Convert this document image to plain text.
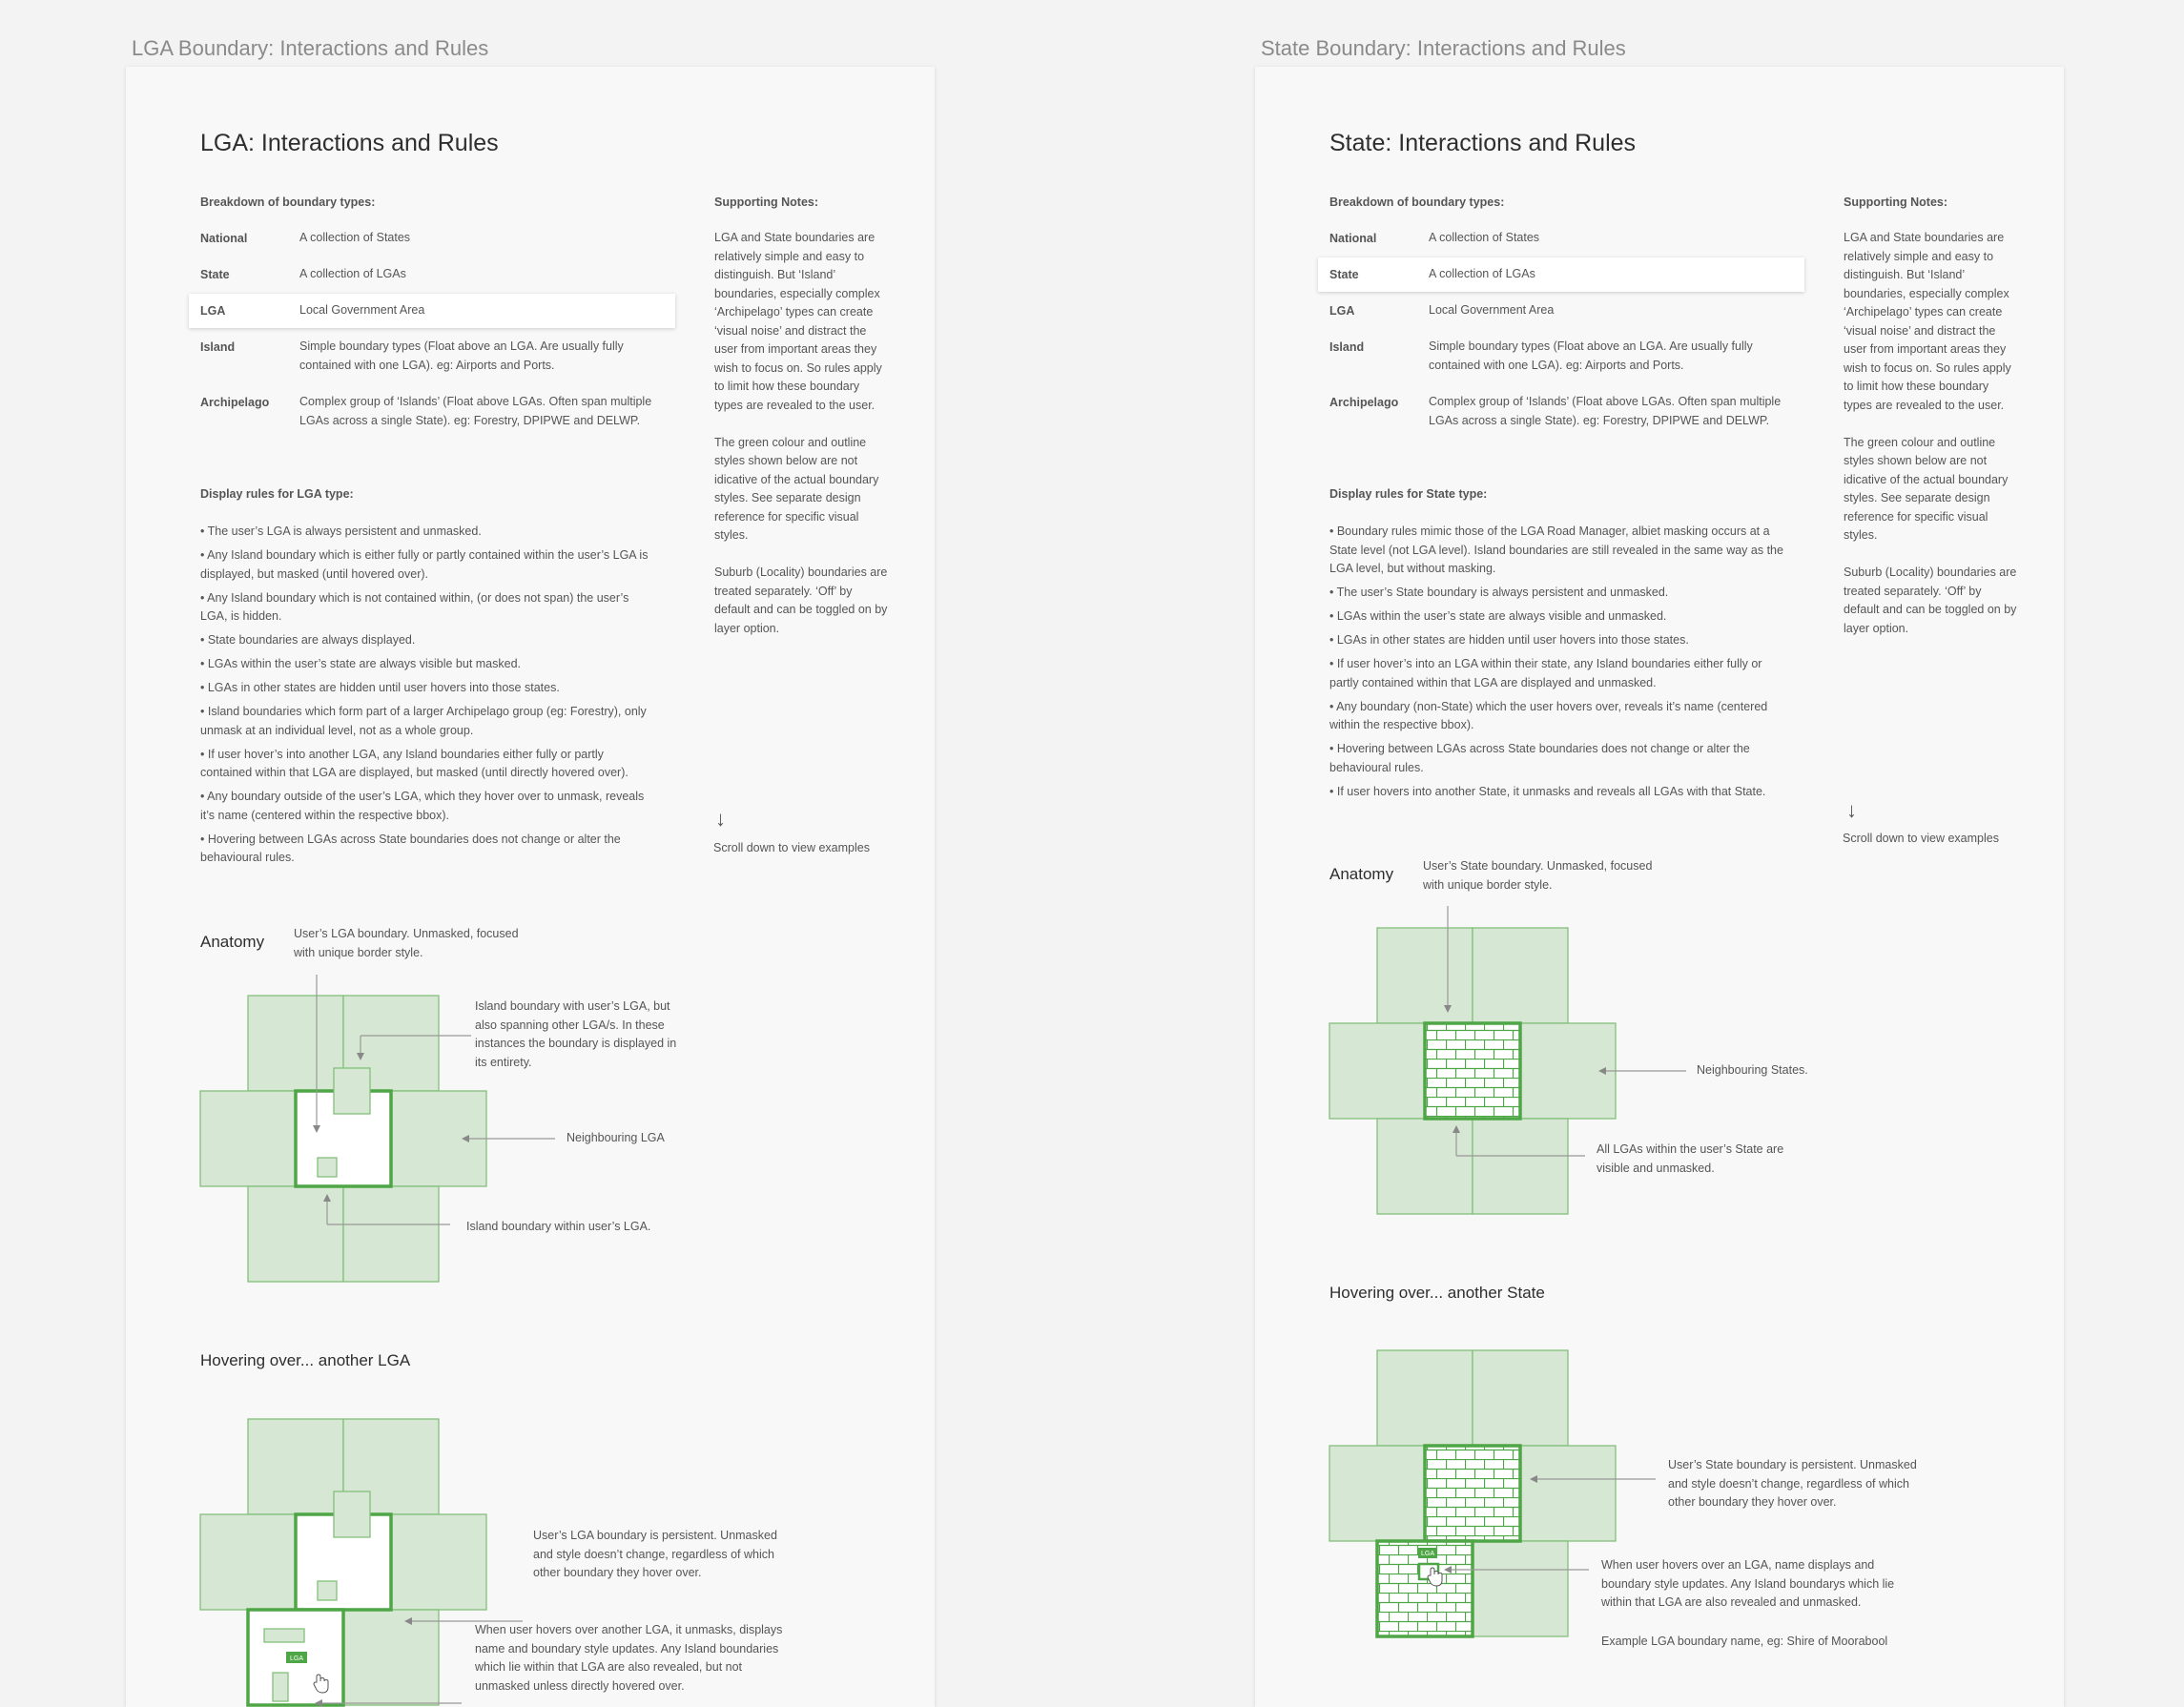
LGA Boundary: Interactions and Rules	State Boundary: Interactions and Rules
LGA: Interactions and Rules
Breakdown of boundary types:
National	A collection of States
State	A collection of LGAs
LGA	Local Government Area
Island	Simple boundary types (Float above an LGA. Are usually fully contained with one LGA). eg: Airports and Ports.
Archipelago	Complex group of ‘Islands’ (Float above LGAs. Often span multiple LGAs across a single State). eg: Forestry, DPIPWE and DELWP.
Display rules for LGA type:
• The user’s LGA is always persistent and unmasked.
• Any Island boundary which is either fully or partly contained within the user’s LGA is displayed, but masked (until hovered over).
• Any Island boundary which is not contained within, (or does not span) the user’s LGA, is hidden.
• State boundaries are always displayed.
• LGAs within the user’s state are always visible but masked.
• LGAs in other states are hidden until user hovers into those states.
• Island boundaries which form part of a larger Archipelago group (eg: Forestry), only unmask at an individual level, not as a whole group.
• If user hover’s into another LGA, any Island boundaries either fully or partly contained within that LGA are displayed, but masked (until directly hovered over).
• Any boundary outside of the user’s LGA, which they hover over to unmask, reveals it’s name (centered within the respective bbox).
• Hovering between LGAs across State boundaries does not change or alter the behavioural rules.
Supporting Notes:

LGA and State boundaries are relatively simple and easy to distinguish. But ‘Island’ boundaries, especially complex ‘Archipelago’ types can create ‘visual noise’ and distract the user from important areas they wish to focus on. So rules apply to limit how these boundary types are revealed to the user.

The green colour and outline styles shown below are not idicative of the actual boundary styles. See separate design reference for specific visual styles.

Suburb (Locality) boundaries are treated separately. ‘Off’ by default and can be toggled on by layer option.

↓
Scroll down to view examples
Anatomy User’s LGA boundary. Unmasked, focused with unique border style.
Island boundary with user’s LGA, but also spanning other LGA/s. In these instances the boundary is displayed in its entirety.
Neighbouring LGA
Island boundary within user’s LGA.
Hovering over... another LGA
User’s LGA boundary is persistent. Unmasked and style doesn’t change, regardless of which other boundary they hover over.
When user hovers over another LGA, it unmasks, displays name and boundary style updates. Any Island boundaries which lie within that LGA are also revealed, but not unmasked unless directly hovered over.
LGA
State: Interactions and Rules
Breakdown of boundary types:
National	A collection of States
State	A collection of LGAs
LGA	Local Government Area
Island	Simple boundary types (Float above an LGA. Are usually fully contained with one LGA). eg: Airports and Ports.
Archipelago	Complex group of ‘Islands’ (Float above LGAs. Often span multiple LGAs across a single State). eg: Forestry, DPIPWE and DELWP.
Display rules for State type:
• Boundary rules mimic those of the LGA Road Manager, albiet masking occurs at a State level (not LGA level). Island boundaries are still revealed in the same way as the LGA level, but without masking.
• The user’s State boundary is always persistent and unmasked.
• LGAs within the user’s state are always visible and unmasked.
• LGAs in other states are hidden until user hovers into those states.
• If user hover’s into an LGA within their state, any Island boundaries either fully or partly contained within that LGA are displayed and unmasked.
• Any boundary (non-State) which the user hovers over, reveals it’s name (centered within the respective bbox).
• Hovering between LGAs across State boundaries does not change or alter the behavioural rules.
• If user hovers into another State, it unmasks and reveals all LGAs with that State.
Supporting Notes:

LGA and State boundaries are relatively simple and easy to distinguish. But ‘Island’ boundaries, especially complex ‘Archipelago’ types can create ‘visual noise’ and distract the user from important areas they wish to focus on. So rules apply to limit how these boundary types are revealed to the user.

The green colour and outline styles shown below are not idicative of the actual boundary styles. See separate design reference for specific visual styles.

Suburb (Locality) boundaries are treated separately. ‘Off’ by default and can be toggled on by layer option.

↓
Scroll down to view examples
Anatomy User’s State boundary. Unmasked, focused with unique border style.
Neighbouring States.
All LGAs within the user’s State are visible and unmasked.
Hovering over... another State
User’s State boundary is persistent. Unmasked and style doesn’t change, regardless of which other boundary they hover over.
When user hovers over an LGA, name displays and boundary style updates. Any Island boundarys which lie within that LGA are also revealed and unmasked.
Example LGA boundary name, eg: Shire of Moorabool
LGA
